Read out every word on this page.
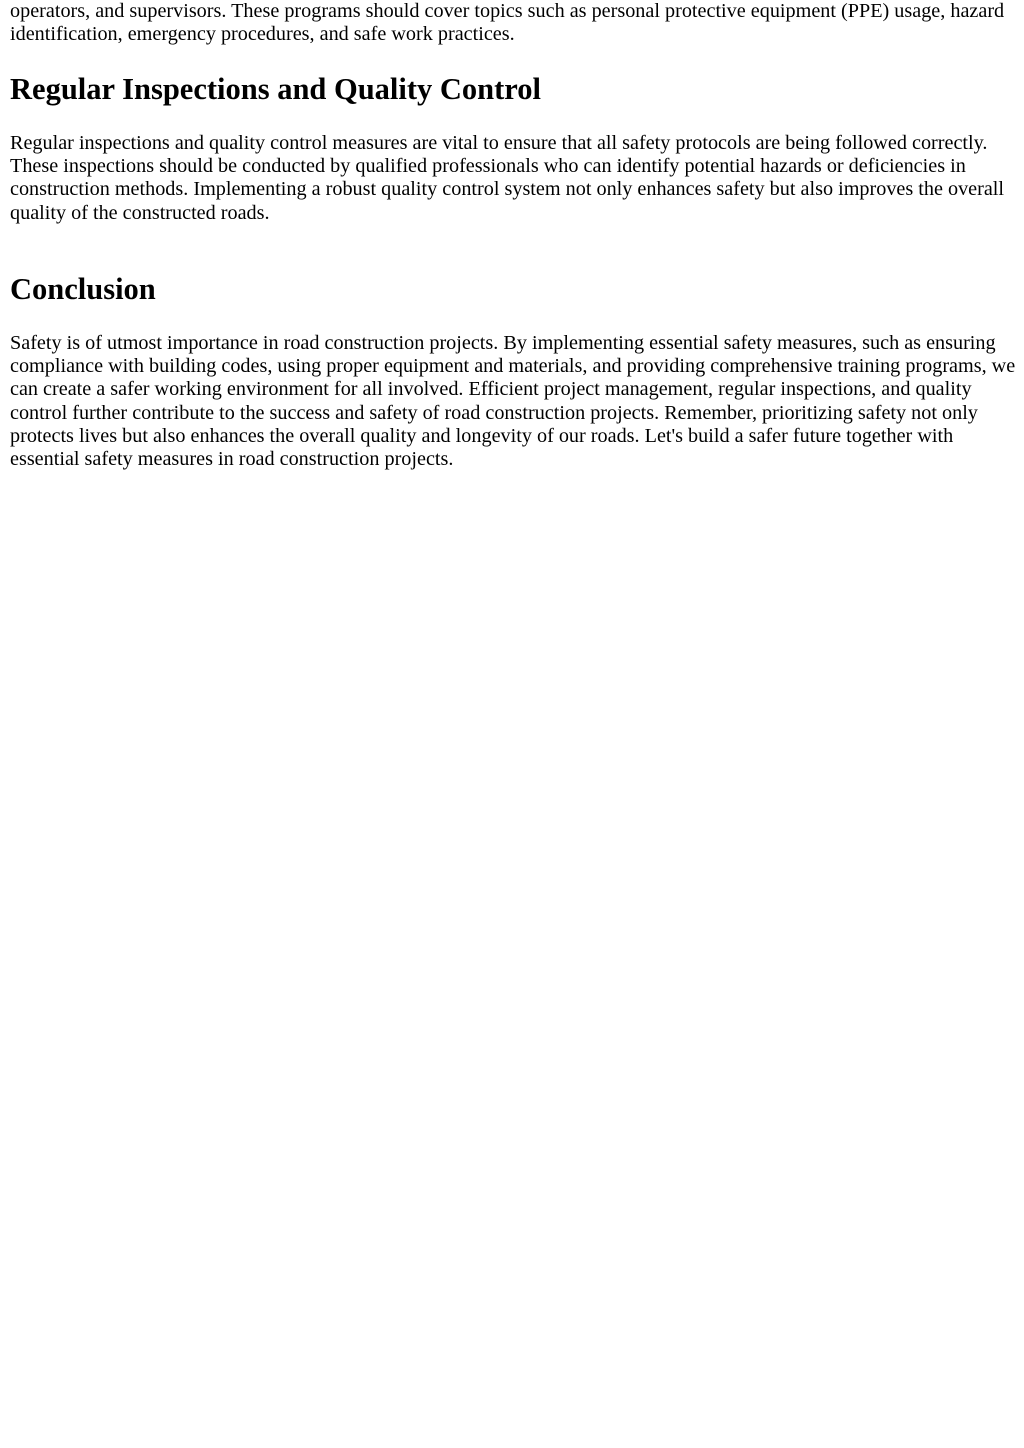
operators, and supervisors. These programs should cover topics such as personal protective equipment (PPE) usage, hazard identification, emergency procedures, and safe work practices.

Regular Inspections and Quality Control

Regular inspections and quality control measures are vital to ensure that all safety protocols are being followed correctly. These inspections should be conducted by qualified professionals who can identify potential hazards or deficiencies in construction methods. Implementing a robust quality control system not only enhances safety but also improves the overall quality of the constructed roads.

Conclusion

Safety is of utmost importance in road construction projects. By implementing essential safety measures, such as ensuring compliance with building codes, using proper equipment and materials, and providing comprehensive training programs, we can create a safer working environment for all involved. Efficient project management, regular inspections, and quality control further contribute to the success and safety of road construction projects. Remember, prioritizing safety not only protects lives but also enhances the overall quality and longevity of our roads. Let's build a safer future together with essential safety measures in road construction projects.
